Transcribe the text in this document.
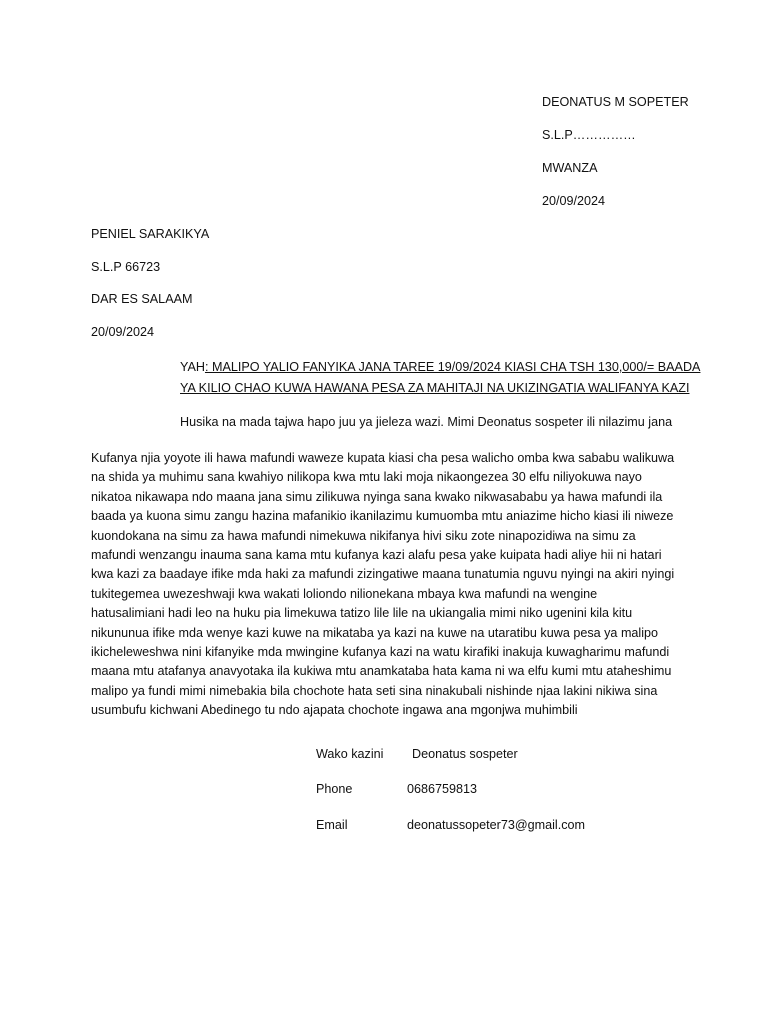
DEONATUS M SOPETER
S.L.P……………
MWANZA
20/09/2024
PENIEL SARAKIKYA
S.L.P 66723
DAR ES SALAAM
20/09/2024
YAH: MALIPO YALIO FANYIKA JANA TAREE 19/09/2024 KIASI CHA TSH 130,000/= BAADA
YA KILIO CHAO KUWA HAWANA PESA ZA MAHITAJI NA UKIZINGATIA WALIFANYA KAZI
Husika na mada tajwa hapo juu ya jieleza wazi. Mimi Deonatus sospeter ili nilazimu jana
Kufanya njia yoyote ili hawa mafundi waweze kupata kiasi cha pesa walicho omba kwa sababu walikuwa
na shida ya muhimu sana kwahiyo nilikopa kwa mtu laki moja nikaongezea 30 elfu niliyokuwa nayo
nikatoa nikawapa ndo maana jana simu zilikuwa nyinga sana kwako nikwasababu ya hawa mafundi ila
baada ya kuona simu zangu hazina mafanikio ikanilazimu kumuomba mtu aniazime hicho kiasi ili niweze
kuondokana na simu za hawa mafundi nimekuwa nikifanya hivi siku zote ninapozidiwa na simu za
mafundi wenzangu inauma sana kama mtu kufanya kazi alafu pesa yake kuipata hadi aliye hii ni hatari
kwa kazi za baadaye ifike mda haki za mafundi zizingatiwe maana tunatumia nguvu nyingi na akiri nyingi
tukitegemea uwezeshwaji kwa wakati loliondo nilionekana mbaya kwa mafundi na wengine
hatusalimiani hadi leo na huku pia limekuwa tatizo lile lile na ukiangalia mimi niko ugenini kila kitu
nikununua ifike mda wenye kazi kuwe na mikataba ya kazi na kuwe na utaratibu kuwa pesa ya malipo
ikicheleweshwa nini kifanyike mda mwingine kufanya kazi na watu kirafiki inakuja kuwagharimu mafundi
maana mtu atafanya anavyotaka ila kukiwa mtu anamkataba hata kama ni wa elfu kumi mtu ataheshimu
malipo ya fundi mimi nimebakia bila chochote hata seti sina ninakubali nishinde njaa lakini nikiwa sina
usumbufu kichwani Abedinego tu ndo ajapata chochote ingawa ana mgonjwa muhimbili
Wako kazini Deonatus sospeter
Phone	0686759813
Email	deonatussopeter73@gmail.com
